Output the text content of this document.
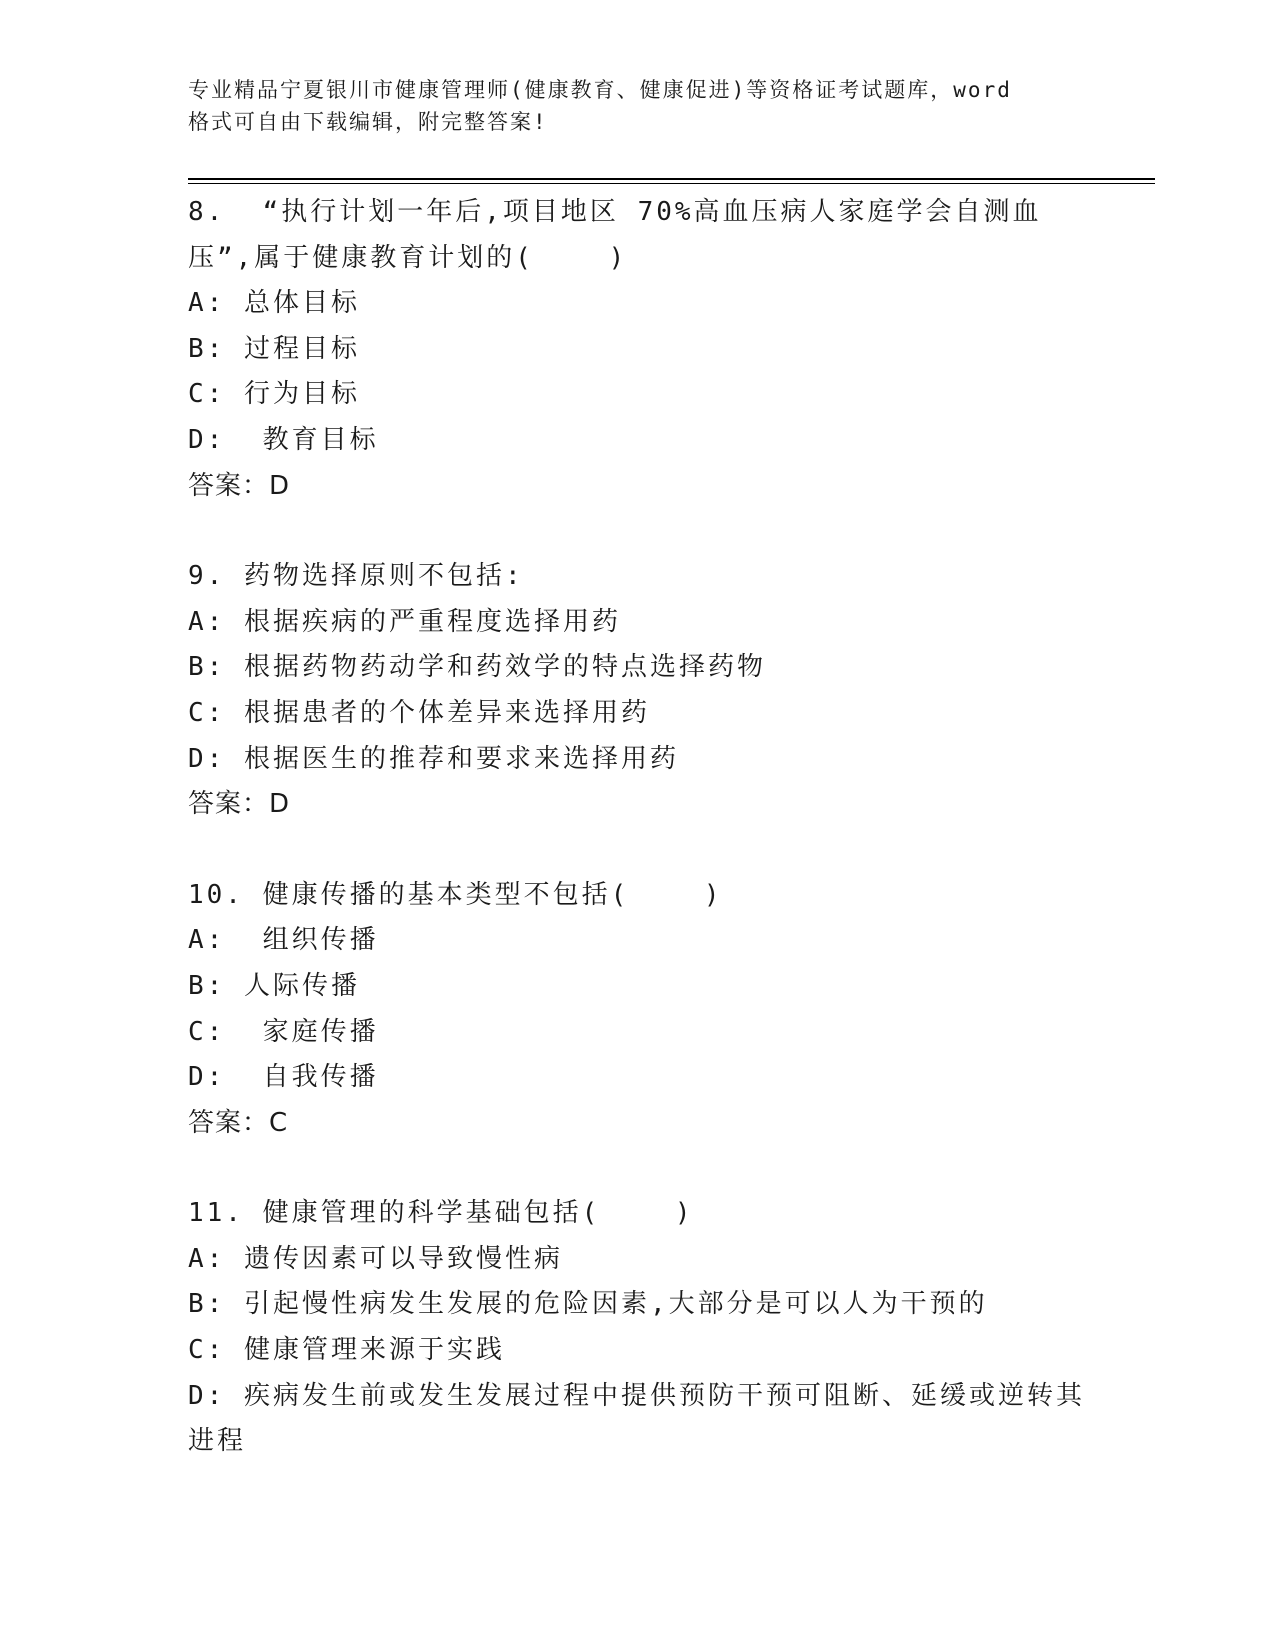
专业精品宁夏银川市健康管理师(健康教育、健康促进)等资格证考试题库，word
格式可自由下载编辑，附完整答案!
8.  “执行计划一年后,项目地区 70%高血压病人家庭学会自测血压”,属于健康教育计划的(    )
A: 总体目标
B: 过程目标
C: 行为目标
D:  教育目标
答案：D
9. 药物选择原则不包括:
A: 根据疾病的严重程度选择用药
B: 根据药物药动学和药效学的特点选择药物
C: 根据患者的个体差异来选择用药
D: 根据医生的推荐和要求来选择用药
答案：D
10. 健康传播的基本类型不包括(    )
A:  组织传播
B: 人际传播
C:  家庭传播
D:  自我传播
答案：C
11. 健康管理的科学基础包括(    )
A: 遗传因素可以导致慢性病
B: 引起慢性病发生发展的危险因素,大部分是可以人为干预的
C: 健康管理来源于实践
D: 疾病发生前或发生发展过程中提供预防干预可阻断、延缓或逆转其进程
